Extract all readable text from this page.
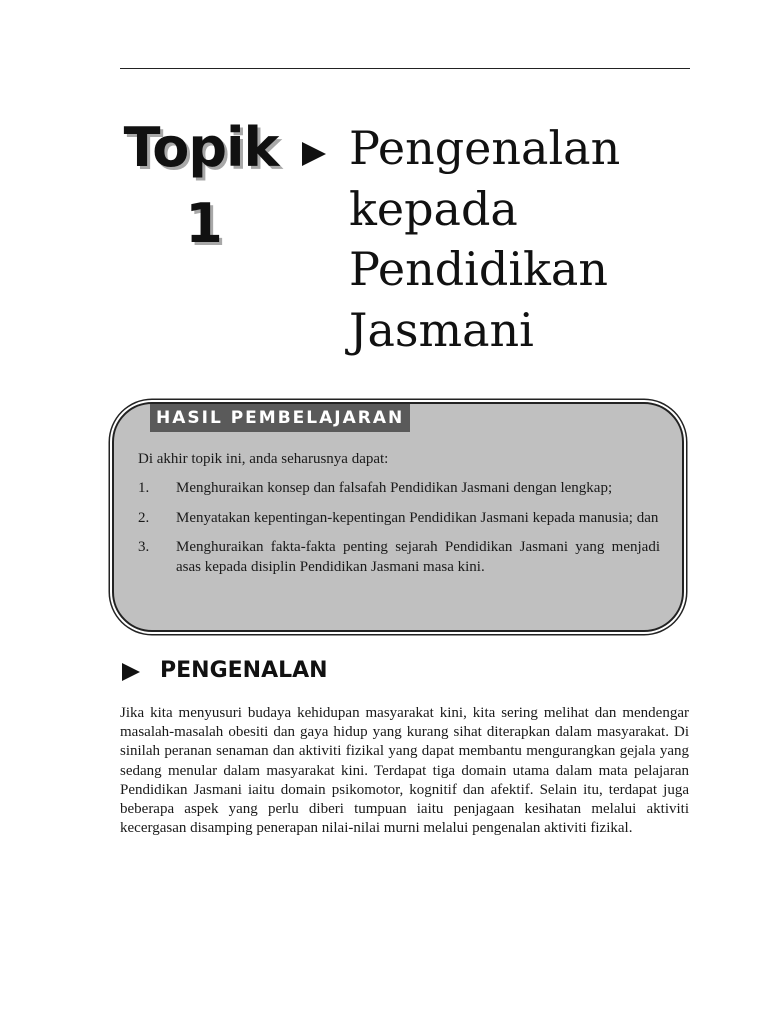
Topik
1
Pengenalan
kepada
Pendidikan
Jasmani
HASIL PEMBELAJARAN
Di akhir topik ini, anda seharusnya dapat:
1.	Menghuraikan konsep dan falsafah Pendidikan Jasmani dengan lengkap;
2.	Menyatakan kepentingan-kepentingan Pendidikan Jasmani kepada manusia; dan
3.	Menghuraikan fakta-fakta penting sejarah Pendidikan Jasmani yang menjadi asas kepada disiplin Pendidikan Jasmani masa kini.
PENGENALAN

Jika kita menyusuri budaya kehidupan masyarakat kini, kita sering melihat dan mendengar masalah-masalah obesiti dan gaya hidup yang kurang sihat diterapkan dalam masyarakat. Di sinilah peranan senaman dan aktiviti fizikal yang dapat membantu mengurangkan gejala yang sedang menular dalam masyarakat kini. Terdapat tiga domain utama dalam mata pelajaran Pendidikan Jasmani iaitu domain psikomotor, kognitif dan afektif. Selain itu, terdapat juga beberapa aspek yang perlu diberi tumpuan iaitu penjagaan kesihatan melalui aktiviti kecergasan disamping penerapan nilai-nilai murni melalui pengenalan aktiviti fizikal.
